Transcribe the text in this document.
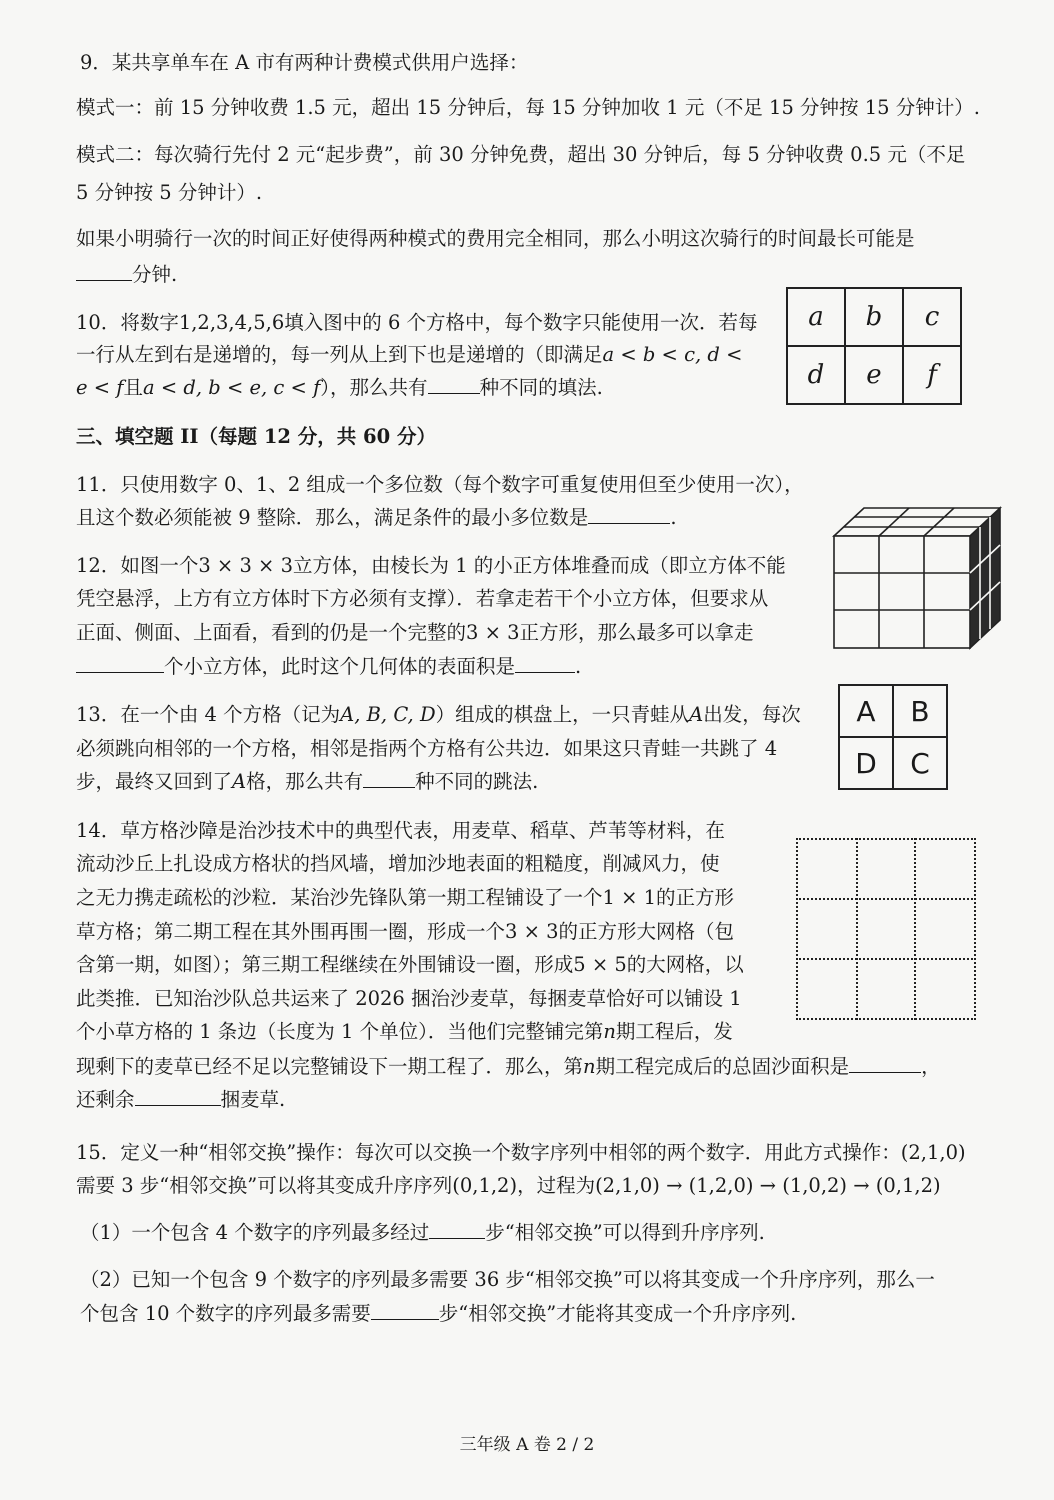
9．某共享单车在 A 市有两种计费模式供用户选择：
模式一：前 15 分钟收费 1.5 元，超出 15 分钟后，每 15 分钟加收 1 元（不足 15 分钟按 15 分钟计）.
模式二：每次骑行先付 2 元“起步费”，前 30 分钟免费，超出 30 分钟后，每 5 分钟收费 0.5 元（不足
5 分钟按 5 分钟计）.
如果小明骑行一次的时间正好使得两种模式的费用完全相同，那么小明这次骑行的时间最长可能是
分钟.
10．将数字1,2,3,4,5,6填入图中的 6 个方格中，每个数字只能使用一次．若每
一行从左到右是递增的，每一列从上到下也是递增的（即满足a < b < c, d <
e < f且a < d, b < e, c < f），那么共有	种不同的填法.
a	b	c
d	e	f
三、填空题 II（每题 12 分，共 60 分）
11．只使用数字 0、1、2 组成一个多位数（每个数字可重复使用但至少使用一次），
且这个数必须能被 9 整除．那么，满足条件的最小多位数是	.
12．如图一个3 × 3 × 3立方体，由棱长为 1 的小正方体堆叠而成（即立方体不能
凭空悬浮，上方有立方体时下方必须有支撑）．若拿走若干个小立方体，但要求从
正面、侧面、上面看，看到的仍是一个完整的3 × 3正方形，那么最多可以拿走
个小立方体，此时这个几何体的表面积是	.
13．在一个由 4 个方格（记为A, B, C, D）组成的棋盘上，一只青蛙从A出发，每次
必须跳向相邻的一个方格，相邻是指两个方格有公共边．如果这只青蛙一共跳了 4
步，最终又回到了A格，那么共有	种不同的跳法.
A	B
D	C
14．草方格沙障是治沙技术中的典型代表，用麦草、稻草、芦苇等材料，在
流动沙丘上扎设成方格状的挡风墙，增加沙地表面的粗糙度，削减风力，使
之无力携走疏松的沙粒．某治沙先锋队第一期工程铺设了一个1 × 1的正方形
草方格；第二期工程在其外围再围一圈，形成一个3 × 3的正方形大网格（包
含第一期，如图）；第三期工程继续在外围铺设一圈，形成5 × 5的大网格，以
此类推．已知治沙队总共运来了 2026 捆治沙麦草，每捆麦草恰好可以铺设 1
个小草方格的 1 条边（长度为 1 个单位）．当他们完整铺完第n期工程后，发
现剩下的麦草已经不足以完整铺设下一期工程了．那么，第n期工程完成后的总固沙面积是	，
还剩余	捆麦草.
15．定义一种“相邻交换”操作：每次可以交换一个数字序列中相邻的两个数字．用此方式操作：(2,1,0)
需要 3 步“相邻交换”可以将其变成升序序列(0,1,2)，过程为(2,1,0) → (1,2,0) → (1,0,2) → (0,1,2)
（1）一个包含 4 个数字的序列最多经过	步“相邻交换”可以得到升序序列.
（2）已知一个包含 9 个数字的序列最多需要 36 步“相邻交换”可以将其变成一个升序序列，那么一
个包含 10 个数字的序列最多需要	步“相邻交换”才能将其变成一个升序序列.
三年级 A 卷 2 / 2
